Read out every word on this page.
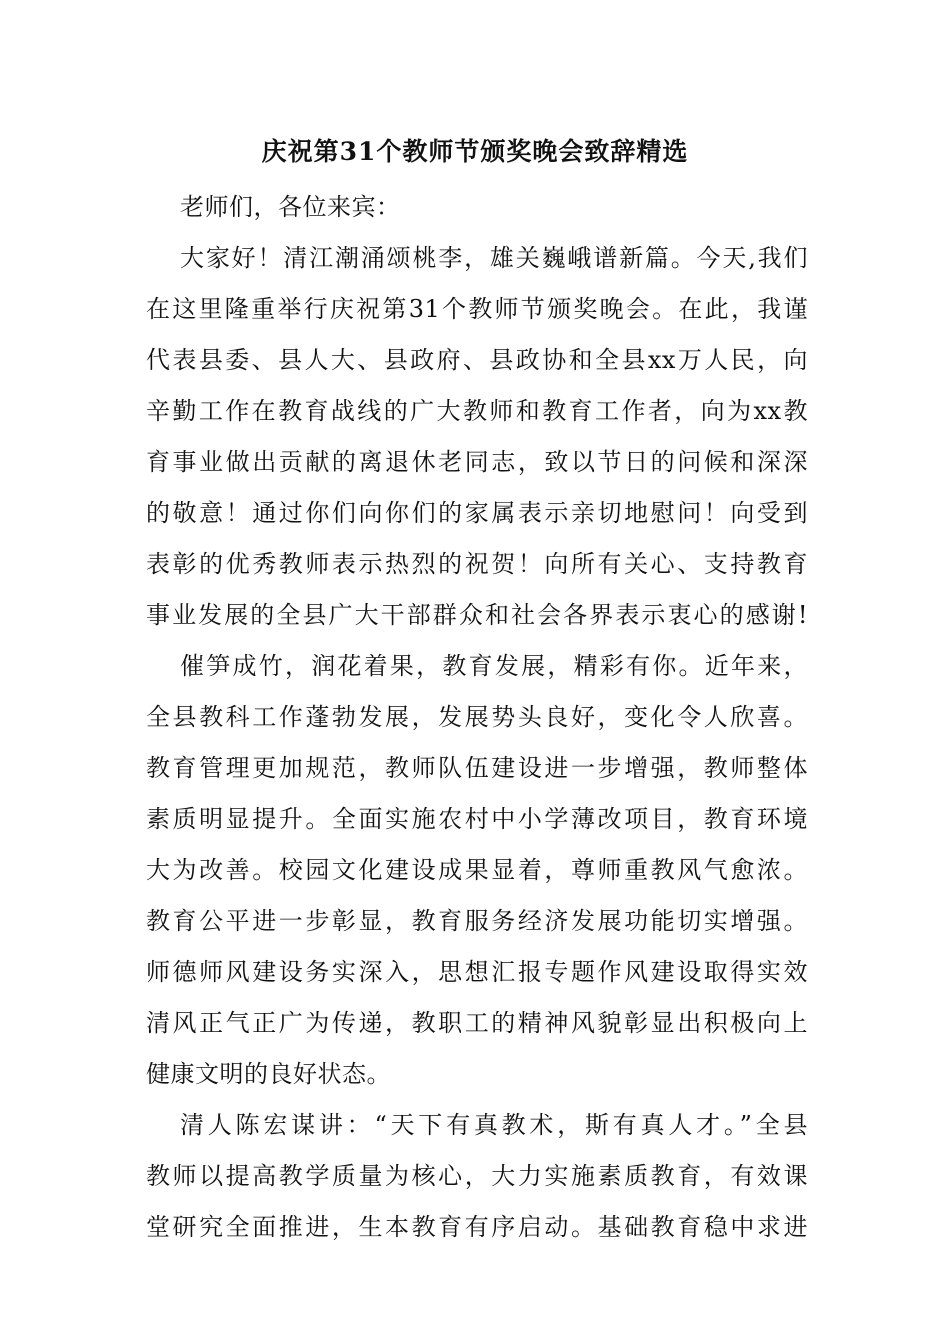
庆祝第31个教师节颁奖晚会致辞精选
老师们，各位来宾：
大家好！清江潮涌颂桃李，雄关巍峨谱新篇。今天,我们
在这里隆重举行庆祝第31个教师节颁奖晚会。在此，我谨
代表县委、县人大、县政府、县政协和全县xx万人民，向
辛勤工作在教育战线的广大教师和教育工作者，向为xx教
育事业做出贡献的离退休老同志，致以节日的问候和深深
的敬意！通过你们向你们的家属表示亲切地慰问！向受到
表彰的优秀教师表示热烈的祝贺！向所有关心、支持教育
事业发展的全县广大干部群众和社会各界表示衷心的感谢!
催笋成竹，润花着果，教育发展，精彩有你。近年来，
全县教科工作蓬勃发展，发展势头良好，变化令人欣喜。
教育管理更加规范，教师队伍建设进一步增强，教师整体
素质明显提升。全面实施农村中小学薄改项目，教育环境
大为改善。校园文化建设成果显着，尊师重教风气愈浓。
教育公平进一步彰显，教育服务经济发展功能切实增强。
师德师风建设务实深入，思想汇报专题作风建设取得实效
清风正气正广为传递，教职工的精神风貌彰显出积极向上
健康文明的良好状态。
清人陈宏谋讲：“天下有真教术，斯有真人才。”全县
教师以提高教学质量为核心，大力实施素质教育，有效课
堂研究全面推进，生本教育有序启动。基础教育稳中求进
